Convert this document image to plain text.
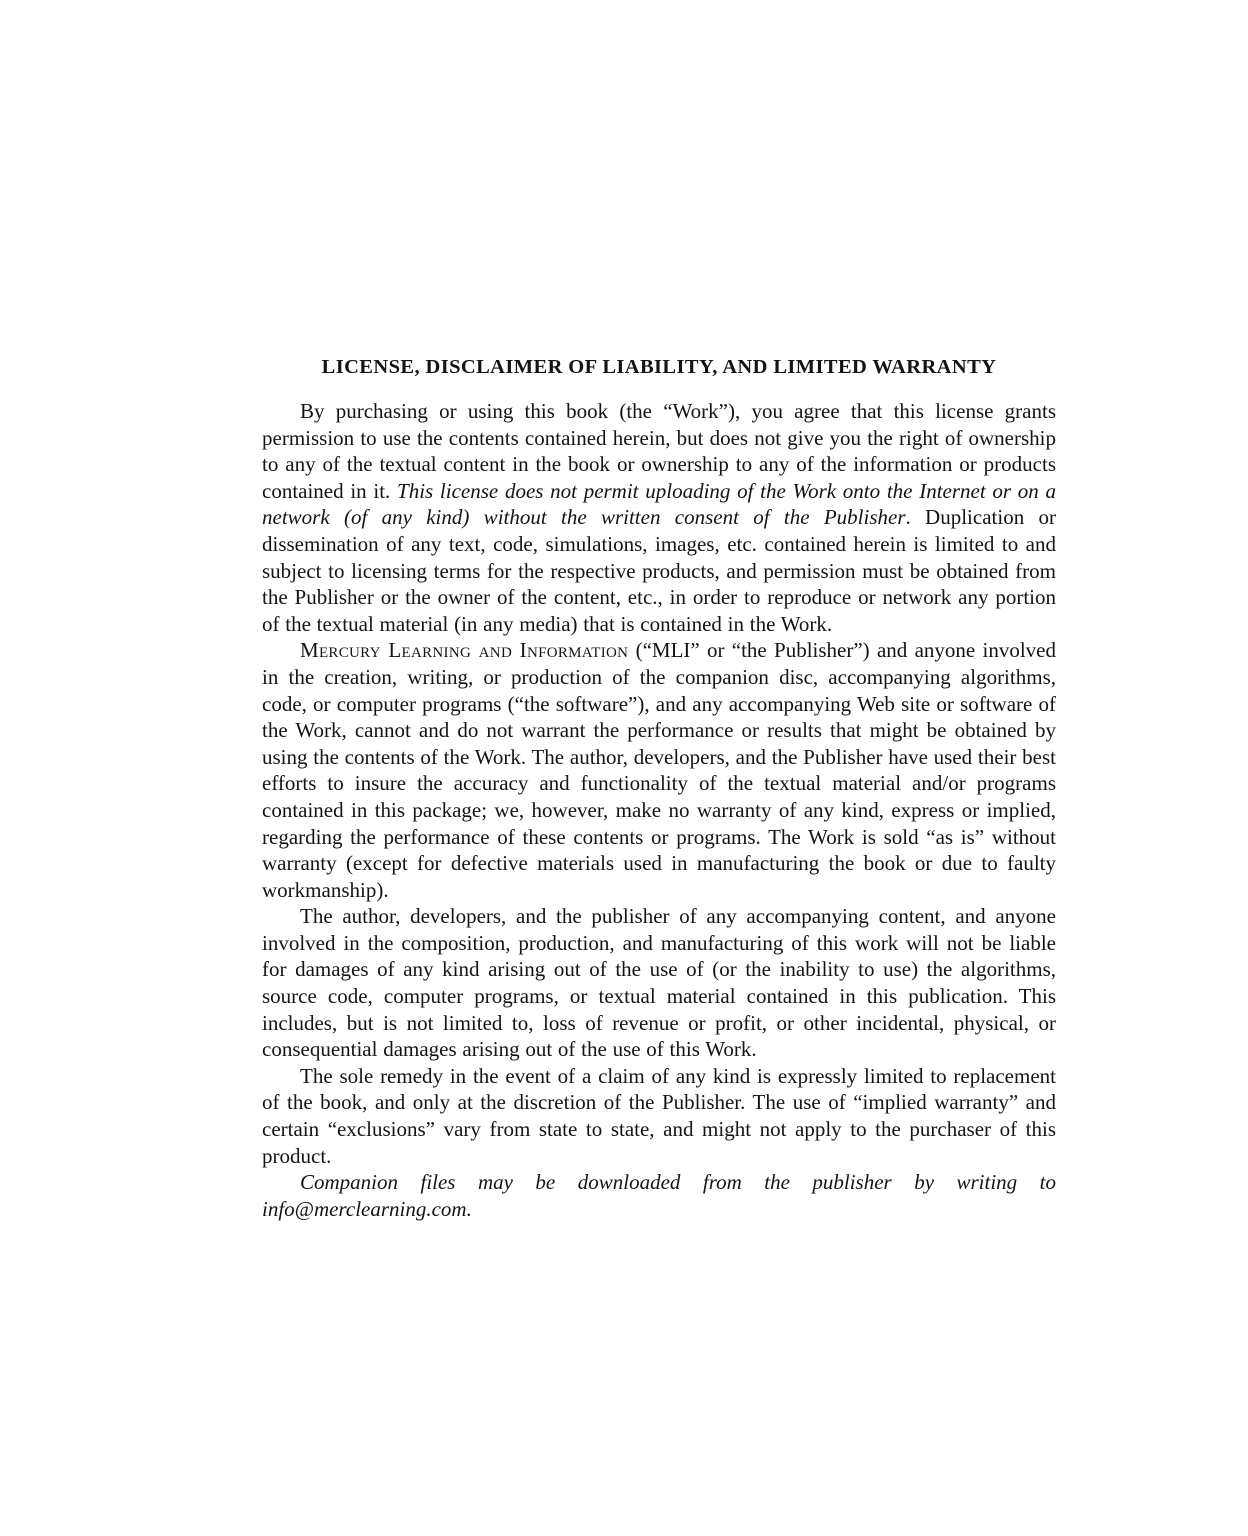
LICENSE, DISCLAIMER OF LIABILITY, AND LIMITED WARRANTY

By purchasing or using this book (the “Work”), you agree that this license grants permission to use the contents contained herein, but does not give you the right of ownership to any of the textual content in the book or ownership to any of the information or products contained in it. This license does not permit uploading of the Work onto the Internet or on a network (of any kind) without the written consent of the Publisher. Duplication or dissemination of any text, code, simulations, images, etc. contained herein is limited to and subject to licensing terms for the respective products, and permission must be obtained from the Publisher or the owner of the content, etc., in order to reproduce or network any portion of the textual material (in any media) that is contained in the Work.

Mercury Learning and Information (“MLI” or “the Publisher”) and anyone involved in the creation, writing, or production of the companion disc, accompanying algorithms, code, or computer programs (“the software”), and any accompanying Web site or software of the Work, cannot and do not warrant the performance or results that might be obtained by using the contents of the Work. The author, developers, and the Publisher have used their best efforts to insure the accuracy and functionality of the textual material and/or programs contained in this package; we, however, make no warranty of any kind, express or implied, regarding the performance of these contents or programs. The Work is sold “as is” without warranty (except for defective materials used in manufacturing the book or due to faulty workmanship).

The author, developers, and the publisher of any accompanying content, and anyone involved in the composition, production, and manufacturing of this work will not be liable for damages of any kind arising out of the use of (or the inability to use) the algorithms, source code, computer programs, or textual material contained in this publication. This includes, but is not limited to, loss of revenue or profit, or other incidental, physical, or consequential damages arising out of the use of this Work.

The sole remedy in the event of a claim of any kind is expressly limited to replacement of the book, and only at the discretion of the Publisher. The use of “implied warranty” and certain “exclusions” vary from state to state, and might not apply to the purchaser of this product.

Companion files may be downloaded from the publisher by writing to info@merclearning.com.
